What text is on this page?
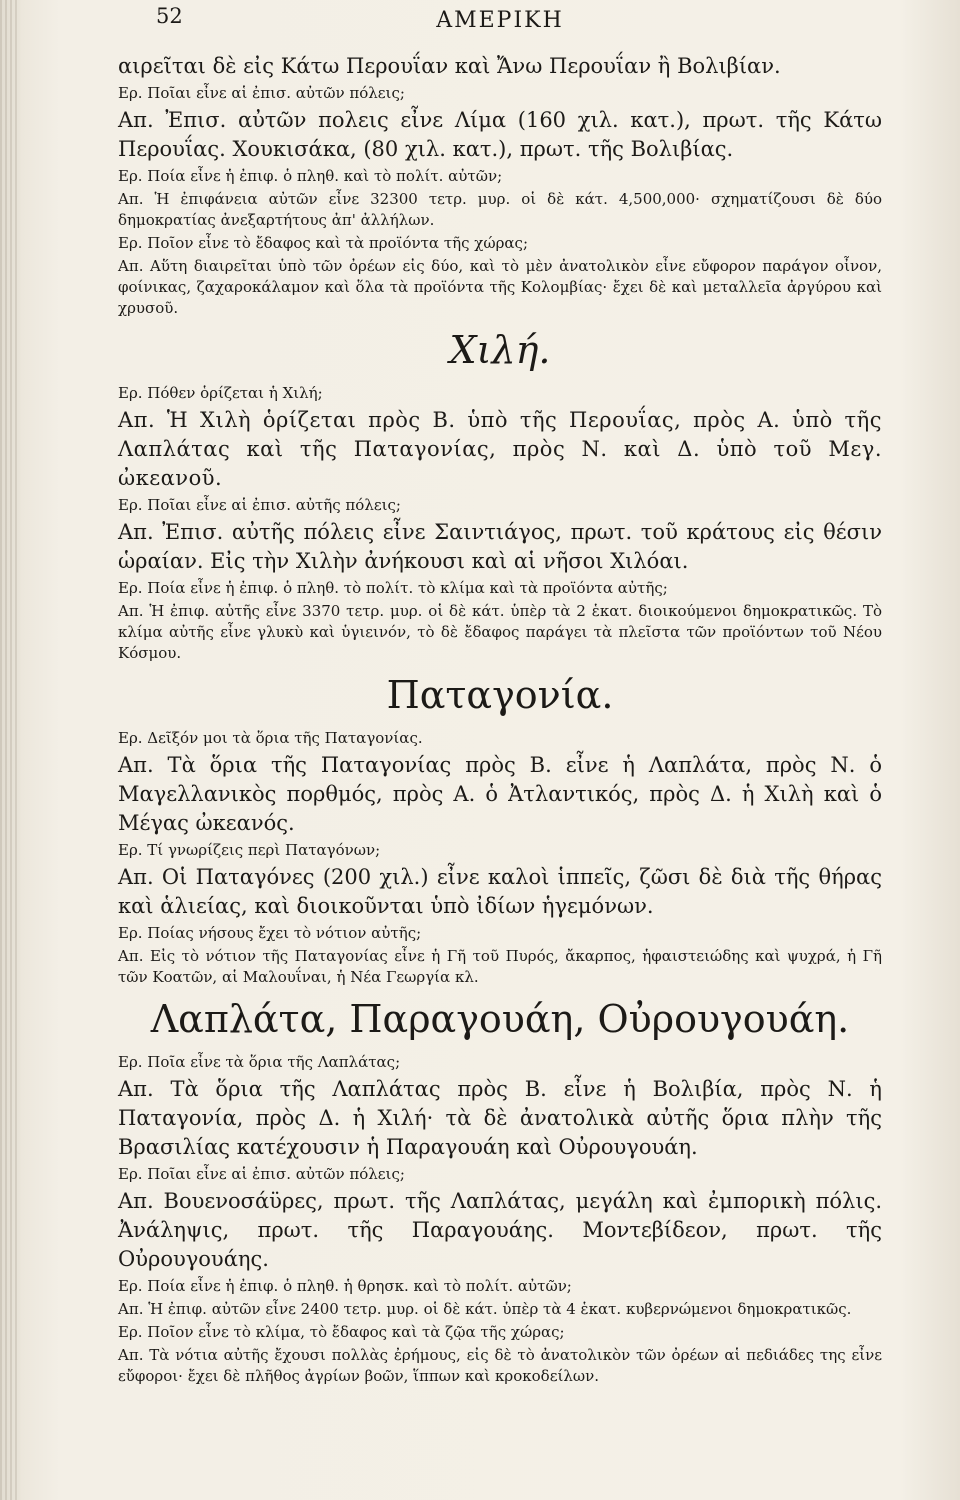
52	ΑΜΕΡΙΚΗ

αιρεῖται δὲ εἰς Κάτω Περουΐαν καὶ Ἄνω Περουΐαν ἢ Βολιβίαν.

Ερ. Ποῖαι εἶνε αἱ ἐπισ. αὐτῶν πόλεις;

Απ. Ἐπισ. αὐτῶν πολεις εἶνε Λίμα (160 χιλ. κατ.), πρωτ. τῆς Κάτω Περουΐας. Χουκισάκα, (80 χιλ. κατ.), πρωτ. τῆς Βολιβίας.

Ερ. Ποία εἶνε ἡ ἐπιφ. ὁ πληθ. καὶ τὸ πολίτ. αὐτῶν;

Απ. Ἡ ἐπιφάνεια αὐτῶν εἶνε 32300 τετρ. μυρ. οἱ δὲ κάτ. 4,500,000· σχηματίζουσι δὲ δύο δημοκρατίας ἀνεξαρτήτους ἀπ' ἀλλήλων.

Ερ. Ποῖον εἶνε τὸ ἔδαφος καὶ τὰ προϊόντα τῆς χώρας;

Απ. Αὕτη διαιρεῖται ὑπὸ τῶν ὀρέων εἰς δύο, καὶ τὸ μὲν ἀνατολικὸν εἶνε εὔφορον παράγον οἶνον, φοίνικας, ζαχαροκάλαμον καὶ ὅλα τὰ προϊόντα τῆς Κολομβίας· ἔχει δὲ καὶ μεταλλεῖα ἀργύρου καὶ χρυσοῦ.

Χιλή.

Ερ. Πόθεν ὁρίζεται ἡ Χιλή;

Απ. Ἡ Χιλὴ ὁρίζεται πρὸς Β. ὑπὸ τῆς Περουΐας, πρὸς Α. ὑπὸ τῆς Λαπλάτας καὶ τῆς Παταγονίας, πρὸς Ν. καὶ Δ. ὑπὸ τοῦ Μεγ. ὠκεανοῦ.

Ερ. Ποῖαι εἶνε αἱ ἐπισ. αὐτῆς πόλεις;

Απ. Ἐπισ. αὐτῆς πόλεις εἶνε Σαιντιάγος, πρωτ. τοῦ κράτους εἰς θέσιν ὡραίαν. Εἰς τὴν Χιλὴν ἀνήκουσι καὶ αἱ νῆσοι Χιλόαι.

Ερ. Ποία εἶνε ἡ ἐπιφ. ὁ πληθ. τὸ πολίτ. τὸ κλίμα καὶ τὰ προϊόντα αὐτῆς;

Απ. Ἡ ἐπιφ. αὐτῆς εἶνε 3370 τετρ. μυρ. οἱ δὲ κάτ. ὑπὲρ τὰ 2 ἑκατ. διοικούμενοι δημοκρατικῶς. Τὸ κλίμα αὐτῆς εἶνε γλυκὺ καὶ ὑγιεινόν, τὸ δὲ ἔδαφος παράγει τὰ πλεῖστα τῶν προϊόντων τοῦ Νέου Κόσμου.

Παταγονία.

Ερ. Δεῖξόν μοι τὰ ὅρια τῆς Παταγονίας.

Απ. Τὰ ὅρια τῆς Παταγονίας πρὸς Β. εἶνε ἡ Λαπλάτα, πρὸς Ν. ὁ Μαγελλανικὸς πορθμός, πρὸς Α. ὁ Ἀτλαντικός, πρὸς Δ. ἡ Χιλὴ καὶ ὁ Μέγας ὠκεανός.

Ερ. Τί γνωρίζεις περὶ Παταγόνων;

Απ. Οἱ Παταγόνες (200 χιλ.) εἶνε καλοὶ ἱππεῖς, ζῶσι δὲ διὰ τῆς θήρας καὶ ἁλιείας, καὶ διοικοῦνται ὑπὸ ἰδίων ἡγεμόνων.

Ερ. Ποίας νήσους ἔχει τὸ νότιον αὐτῆς;

Απ. Εἰς τὸ νότιον τῆς Παταγονίας εἶνε ἡ Γῆ τοῦ Πυρός, ἄκαρπος, ἡφαιστειώδης καὶ ψυχρά, ἡ Γῆ τῶν Κοατῶν, αἱ Μαλουΐναι, ἡ Νέα Γεωργία κλ.

Λαπλάτα, Παραγουάη, Οὐρουγουάη.

Ερ. Ποῖα εἶνε τὰ ὅρια τῆς Λαπλάτας;

Απ. Τὰ ὅρια τῆς Λαπλάτας πρὸς Β. εἶνε ἡ Βολιβία, πρὸς Ν. ἡ Παταγονία, πρὸς Δ. ἡ Χιλή· τὰ δὲ ἀνατολικὰ αὐτῆς ὅρια πλὴν τῆς Βρασιλίας κατέχουσιν ἡ Παραγουάη καὶ Οὐρουγουάη.

Ερ. Ποῖαι εἶνε αἱ ἐπισ. αὐτῶν πόλεις;

Απ. Βουενοσάϋρες, πρωτ. τῆς Λαπλάτας, μεγάλη καὶ ἐμπορικὴ πόλις. Ἀνάληψις, πρωτ. τῆς Παραγουάης. Μοντεβίδεον, πρωτ. τῆς Οὐρουγουάης.

Ερ. Ποία εἶνε ἡ ἐπιφ. ὁ πληθ. ἡ θρησκ. καὶ τὸ πολίτ. αὐτῶν;

Απ. Ἡ ἐπιφ. αὐτῶν εἶνε 2400 τετρ. μυρ. οἱ δὲ κάτ. ὑπὲρ τὰ 4 ἑκατ. κυβερνώμενοι δημοκρατικῶς.

Ερ. Ποῖον εἶνε τὸ κλίμα, τὸ ἔδαφος καὶ τὰ ζῷα τῆς χώρας;

Απ. Τὰ νότια αὐτῆς ἔχουσι πολλὰς ἐρήμους, εἰς δὲ τὸ ἀνατολικὸν τῶν ὀρέων αἱ πεδιάδες της εἶνε εὔφοροι· ἔχει δὲ πλῆθος ἀγρίων βοῶν, ἵππων καὶ κροκοδείλων.
